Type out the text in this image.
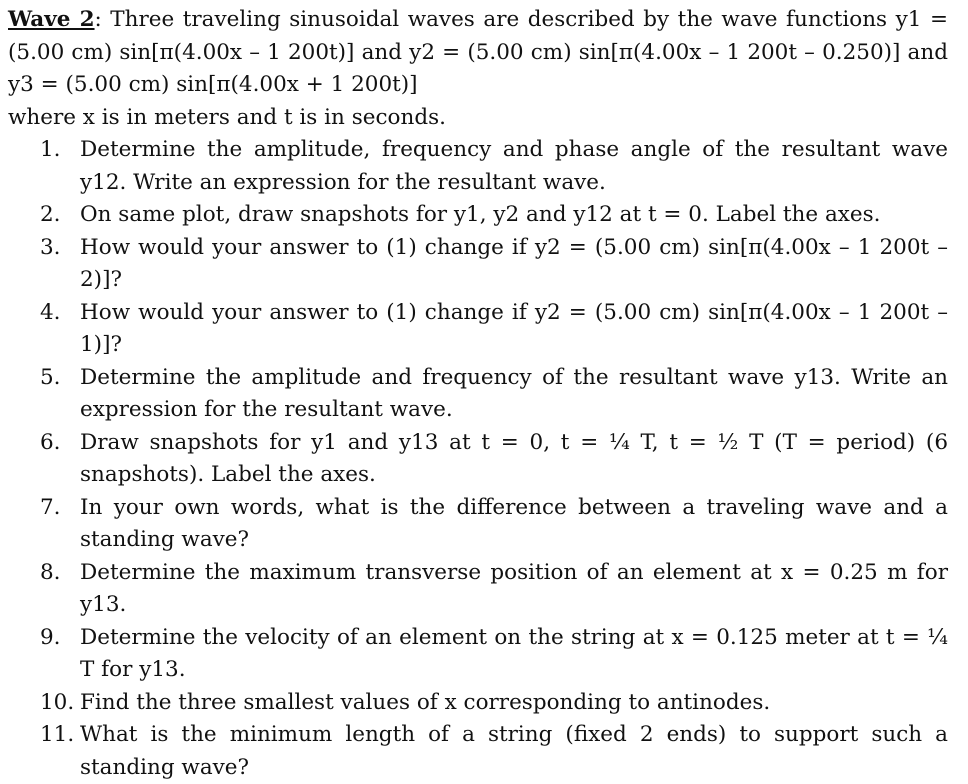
Wave 2: Three traveling sinusoidal waves are described by the wave functions y1 = (5.00 cm) sin[π(4.00x – 1 200t)] and y2 = (5.00 cm) sin[π(4.00x – 1 200t – 0.250)] and y3 = (5.00 cm) sin[π(4.00x + 1 200t)]
where x is in meters and t is in seconds.
1. Determine the amplitude, frequency and phase angle of the resultant wave y12. Write an expression for the resultant wave.
2. On same plot, draw snapshots for y1, y2 and y12 at t = 0. Label the axes.
3. How would your answer to (1) change if y2 = (5.00 cm) sin[π(4.00x – 1 200t – 2)]?
4. How would your answer to (1) change if y2 = (5.00 cm) sin[π(4.00x – 1 200t – 1)]?
5. Determine the amplitude and frequency of the resultant wave y13. Write an expression for the resultant wave.
6. Draw snapshots for y1 and y13 at t = 0, t = ¼ T, t = ½ T (T = period) (6 snapshots). Label the axes.
7. In your own words, what is the difference between a traveling wave and a standing wave?
8. Determine the maximum transverse position of an element at x = 0.25 m for y13.
9. Determine the velocity of an element on the string at x = 0.125 meter at t = ¼ T for y13.
10. Find the three smallest values of x corresponding to antinodes.
11. What is the minimum length of a string (fixed 2 ends) to support such a standing wave?
